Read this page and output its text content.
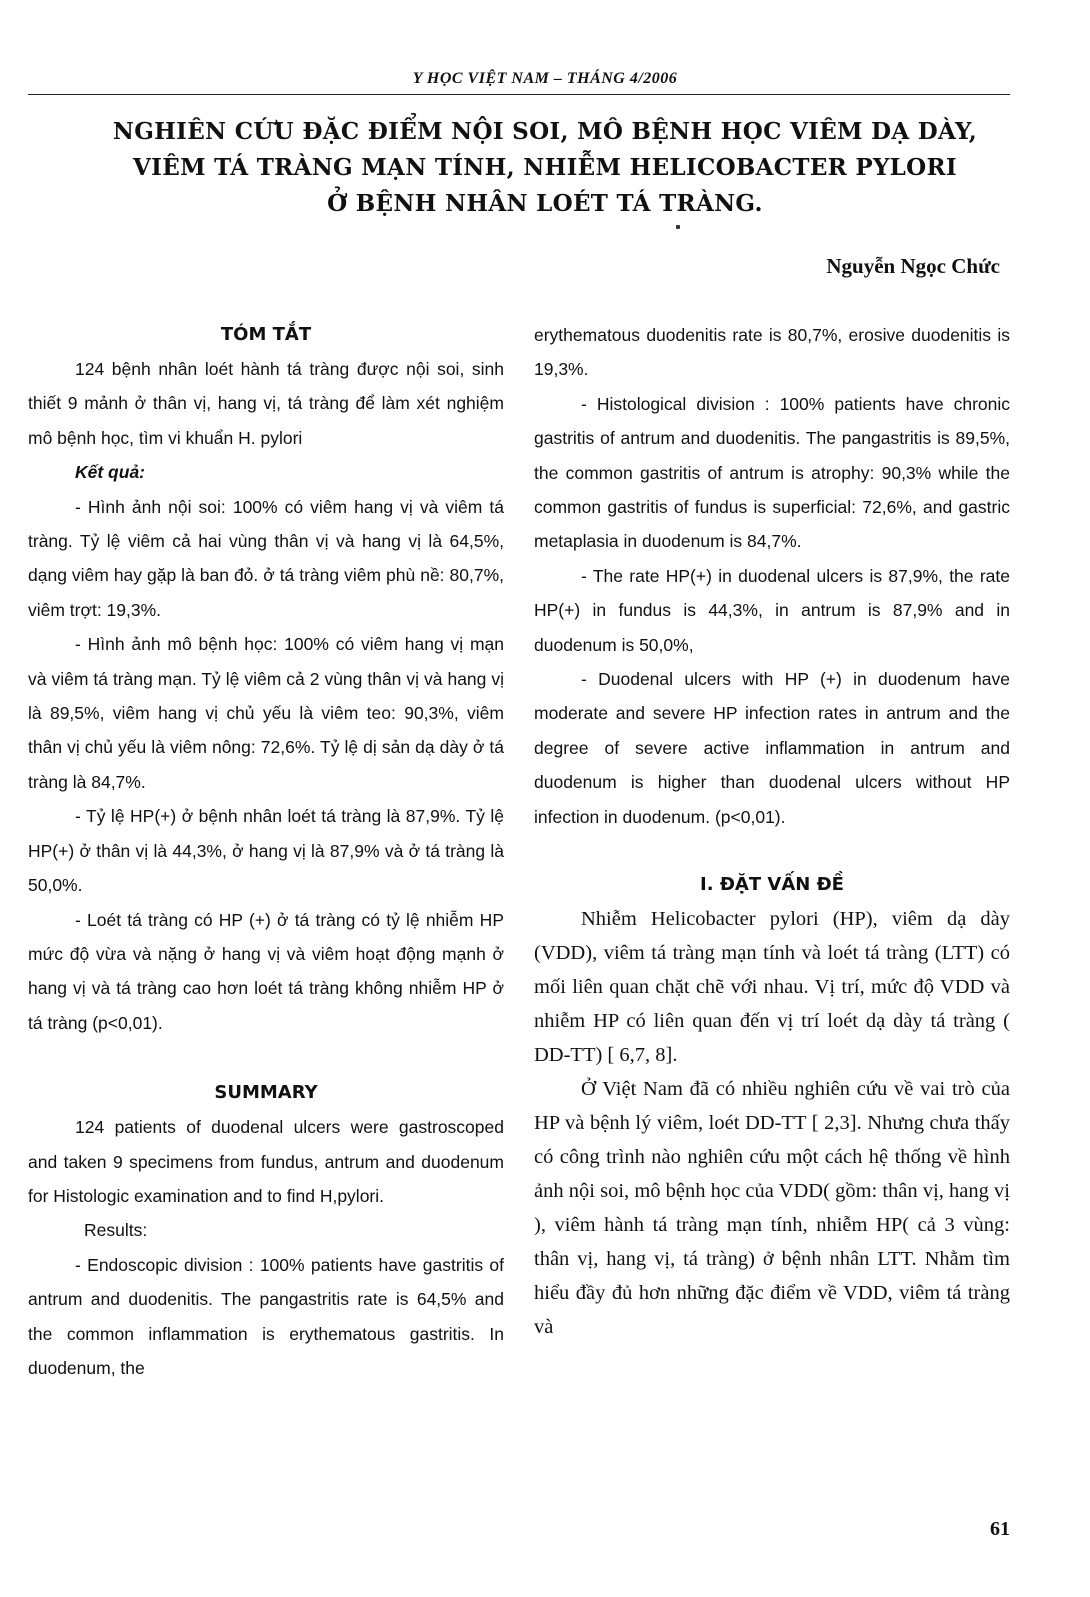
Y HỌC VIỆT NAM – THÁNG 4/2006
NGHIÊN CỨU ĐẶC ĐIỂM NỘI SOI, MÔ BỆNH HỌC VIÊM DẠ DÀY,
VIÊM TÁ TRÀNG MẠN TÍNH, NHIỄM HELICOBACTER PYLORI
Ở BỆNH NHÂN LOÉT TÁ TRÀNG.
Nguyễn Ngọc Chức
TÓM TẮT

124 bệnh nhân loét hành tá tràng được nội soi, sinh thiết 9 mảnh ở thân vị, hang vị, tá tràng để làm xét nghiệm mô bệnh học, tìm vi khuẩn H. pylori

Kết quả:

- Hình ảnh nội soi: 100% có viêm hang vị và viêm tá tràng. Tỷ lệ viêm cả hai vùng thân vị và hang vị là 64,5%, dạng viêm hay gặp là ban đỏ. ở tá tràng viêm phù nề: 80,7%, viêm trợt: 19,3%.

- Hình ảnh mô bệnh học: 100% có viêm hang vị mạn và viêm tá tràng mạn. Tỷ lệ viêm cả 2 vùng thân vị và hang vị là 89,5%, viêm hang vị chủ yếu là viêm teo: 90,3%, viêm thân vị chủ yếu là viêm nông: 72,6%. Tỷ lệ dị sản dạ dày ở tá tràng là 84,7%.

- Tỷ lệ HP(+) ở bệnh nhân loét tá tràng là 87,9%. Tỷ lệ HP(+) ở thân vị là 44,3%, ở hang vị là 87,9% và ở tá tràng là 50,0%.

- Loét tá tràng có HP (+) ở tá tràng có tỷ lệ nhiễm HP mức độ vừa và nặng ở hang vị và viêm hoạt động mạnh ở hang vị và tá tràng cao hơn loét tá tràng không nhiễm HP ở tá tràng (p<0,01).

SUMMARY

124 patients of duodenal ulcers were gastroscoped and taken 9 specimens from fundus, antrum and duodenum for Histologic examination and to find H,pylori.

Results:

- Endoscopic division : 100% patients have gastritis of antrum and duodenitis. The pangastritis rate is 64,5% and the common inflammation is erythematous gastritis. In duodenum, the

erythematous duodenitis rate is 80,7%, erosive duodenitis is 19,3%.

- Histological division : 100% patients have chronic gastritis of antrum and duodenitis. The pangastritis is 89,5%, the common gastritis of antrum is atrophy: 90,3% while the common gastritis of fundus is superficial: 72,6%, and gastric metaplasia in duodenum is 84,7%.

- The rate HP(+) in duodenal ulcers is 87,9%, the rate HP(+) in fundus is 44,3%, in antrum is 87,9% and in duodenum is 50,0%,

- Duodenal ulcers with HP (+) in duodenum have moderate and severe HP infection rates in antrum and the degree of severe active inflammation in antrum and duodenum is higher than duodenal ulcers without HP infection in duodenum. (p<0,01).

I. ĐẶT VẤN ĐỀ

Nhiễm Helicobacter pylori (HP), viêm dạ dày (VDD), viêm tá tràng mạn tính và loét tá tràng (LTT) có mối liên quan chặt chẽ với nhau. Vị trí, mức độ VDD và nhiễm HP có liên quan đến vị trí loét dạ dày tá tràng ( DD-TT) [ 6,7, 8].

Ở Việt Nam đã có nhiều nghiên cứu về vai trò của HP và bệnh lý viêm, loét DD-TT [ 2,3]. Nhưng chưa thấy có công trình nào nghiên cứu một cách hệ thống về hình ảnh nội soi, mô bệnh học của VDD( gồm: thân vị, hang vị ), viêm hành tá tràng mạn tính, nhiễm HP( cả 3 vùng: thân vị, hang vị, tá tràng) ở bệnh nhân LTT. Nhằm tìm hiểu đầy đủ hơn những đặc điểm về VDD, viêm tá tràng và

61
